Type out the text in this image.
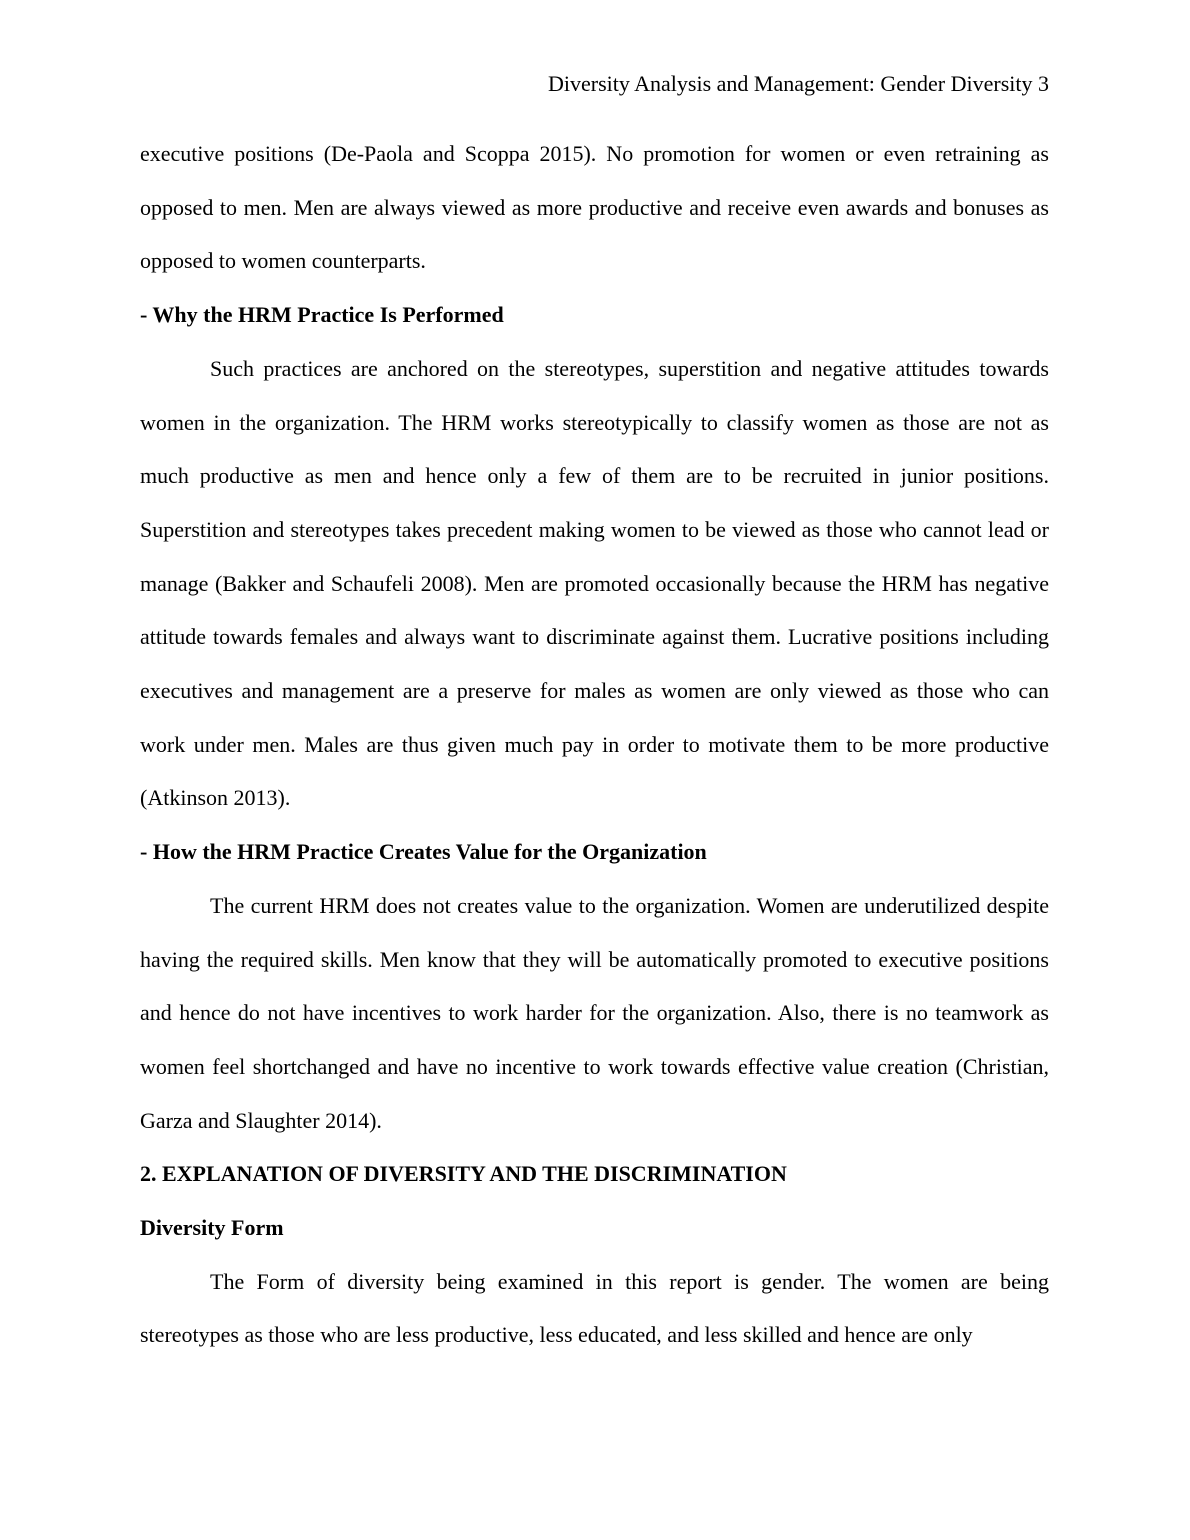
Diversity Analysis and Management: Gender Diversity 3

executive positions (De-Paola and Scoppa 2015). No promotion for women or even retraining as opposed to men. Men are always viewed as more productive and receive even awards and bonuses as opposed to women counterparts.

- Why the HRM Practice Is Performed

Such practices are anchored on the stereotypes, superstition and negative attitudes towards women in the organization. The HRM works stereotypically to classify women as those are not as much productive as men and hence only a few of them are to be recruited in junior positions. Superstition and stereotypes takes precedent making women to be viewed as those who cannot lead or manage (Bakker and Schaufeli 2008). Men are promoted occasionally because the HRM has negative attitude towards females and always want to discriminate against them. Lucrative positions including executives and management are a preserve for males as women are only viewed as those who can work under men. Males are thus given much pay in order to motivate them to be more productive (Atkinson 2013).

- How the HRM Practice Creates Value for the Organization

The current HRM does not creates value to the organization. Women are underutilized despite having the required skills. Men know that they will be automatically promoted to executive positions and hence do not have incentives to work harder for the organization. Also, there is no teamwork as women feel shortchanged and have no incentive to work towards effective value creation (Christian, Garza and Slaughter 2014).

2. EXPLANATION OF DIVERSITY AND THE DISCRIMINATION
Diversity Form

The Form of diversity being examined in this report is gender. The women are being stereotypes as those who are less productive, less educated, and less skilled and hence are only
